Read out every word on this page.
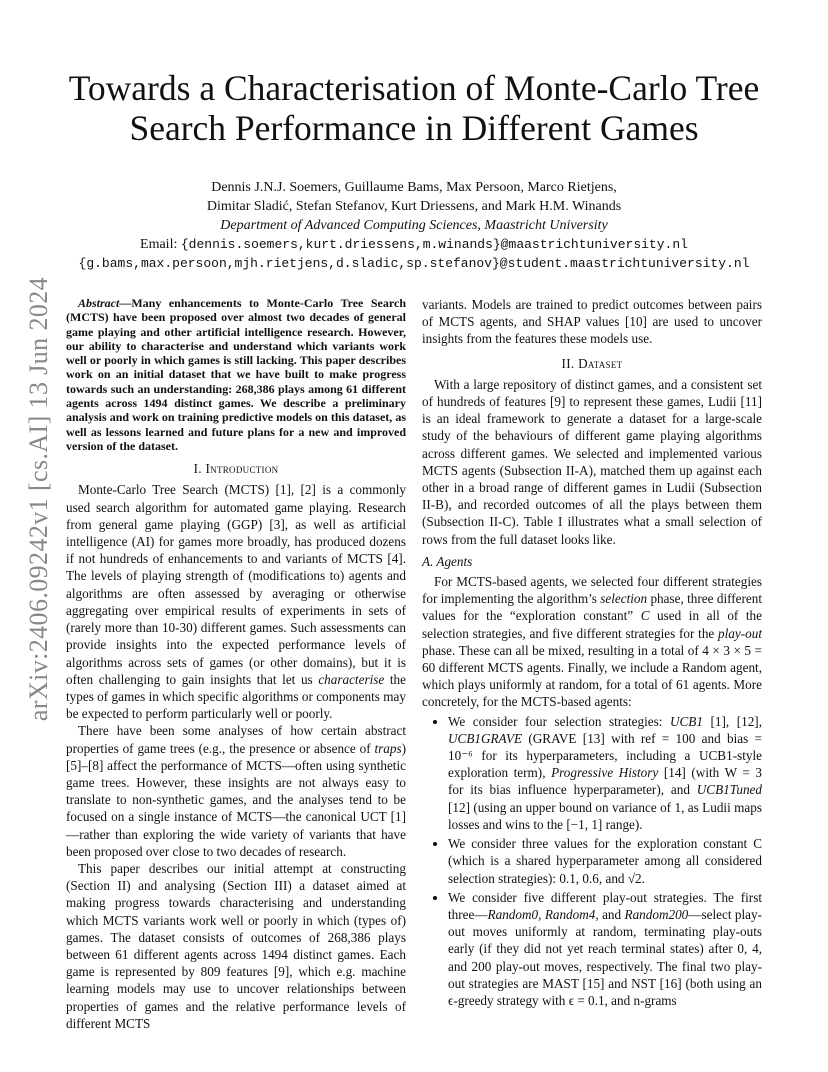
Towards a Characterisation of Monte-Carlo Tree Search Performance in Different Games
Dennis J.N.J. Soemers, Guillaume Bams, Max Persoon, Marco Rietjens,
Dimitar Sladić, Stefan Stefanov, Kurt Driessens, and Mark H.M. Winands
Department of Advanced Computing Sciences, Maastricht University
Email: {dennis.soemers,kurt.driessens,m.winands}@maastrichtuniversity.nl
{g.bams,max.persoon,mjh.rietjens,d.sladic,sp.stefanov}@student.maastrichtuniversity.nl
arXiv:2406.09242v1 [cs.AI] 13 Jun 2024	Abstract—Many enhancements to Monte-Carlo Tree Search (MCTS) have been proposed over almost two decades of general game playing and other artificial intelligence research. However, our ability to characterise and understand which variants work well or poorly in which games is still lacking. This paper describes work on an initial dataset that we have built to make progress towards such an understanding: 268,386 plays among 61 different agents across 1494 distinct games. We describe a preliminary analysis and work on training predictive models on this dataset, as well as lessons learned and future plans for a new and improved version of the dataset.

I. Introduction

Monte-Carlo Tree Search (MCTS) [1], [2] is a commonly used search algorithm for automated game playing. Research from general game playing (GGP) [3], as well as artificial intelligence (AI) for games more broadly, has produced dozens if not hundreds of enhancements to and variants of MCTS [4]. The levels of playing strength of (modifications to) agents and algorithms are often assessed by averaging or otherwise aggregating over empirical results of experiments in sets of (rarely more than 10-30) different games. Such assessments can provide insights into the expected performance levels of algorithms across sets of games (or other domains), but it is often challenging to gain insights that let us characterise the types of games in which specific algorithms or components may be expected to perform particularly well or poorly.

There have been some analyses of how certain abstract properties of game trees (e.g., the presence or absence of traps) [5]–[8] affect the performance of MCTS—often using synthetic game trees. However, these insights are not always easy to translate to non-synthetic games, and the analyses tend to be focused on a single instance of MCTS—the canonical UCT [1]—rather than exploring the wide variety of variants that have been proposed over close to two decades of research.

This paper describes our initial attempt at constructing (Section II) and analysing (Section III) a dataset aimed at making progress towards characterising and understanding which MCTS variants work well or poorly in which (types of) games. The dataset consists of outcomes of 268,386 plays between 61 different agents across 1494 distinct games. Each game is represented by 809 features [9], which e.g. machine learning models may use to uncover relationships between properties of games and the relative performance levels of different MCTS

variants. Models are trained to predict outcomes between pairs of MCTS agents, and SHAP values [10] are used to uncover insights from the features these models use.

II. Dataset

With a large repository of distinct games, and a consistent set of hundreds of features [9] to represent these games, Ludii [11] is an ideal framework to generate a dataset for a large-scale study of the behaviours of different game playing algorithms across different games. We selected and implemented various MCTS agents (Subsection II-A), matched them up against each other in a broad range of different games in Ludii (Subsection II-B), and recorded outcomes of all the plays between them (Subsection II-C). Table I illustrates what a small selection of rows from the full dataset looks like.

A. Agents

For MCTS-based agents, we selected four different strategies for implementing the algorithm’s selection phase, three different values for the “exploration constant” C used in all of the selection strategies, and five different strategies for the play-out phase. These can all be mixed, resulting in a total of 4 × 3 × 5 = 60 different MCTS agents. Finally, we include a Random agent, which plays uniformly at random, for a total of 61 agents. More concretely, for the MCTS-based agents:

• We consider four selection strategies: UCB1 [1], [12], UCB1GRAVE (GRAVE [13] with ref = 100 and bias = 10⁻⁶ for its hyperparameters, including a UCB1-style exploration term), Progressive History [14] (with W = 3 for its bias influence hyperparameter), and UCB1Tuned [12] (using an upper bound on variance of 1, as Ludii maps losses and wins to the [−1, 1] range).
• We consider three values for the exploration constant C (which is a shared hyperparameter among all considered selection strategies): 0.1, 0.6, and √2.
• We consider five different play-out strategies. The first three—Random0, Random4, and Random200—select play-out moves uniformly at random, terminating play-outs early (if they did not yet reach terminal states) after 0, 4, and 200 play-out moves, respectively. The final two play-out strategies are MAST [15] and NST [16] (both using an ϵ-greedy strategy with ϵ = 0.1, and n-grams
